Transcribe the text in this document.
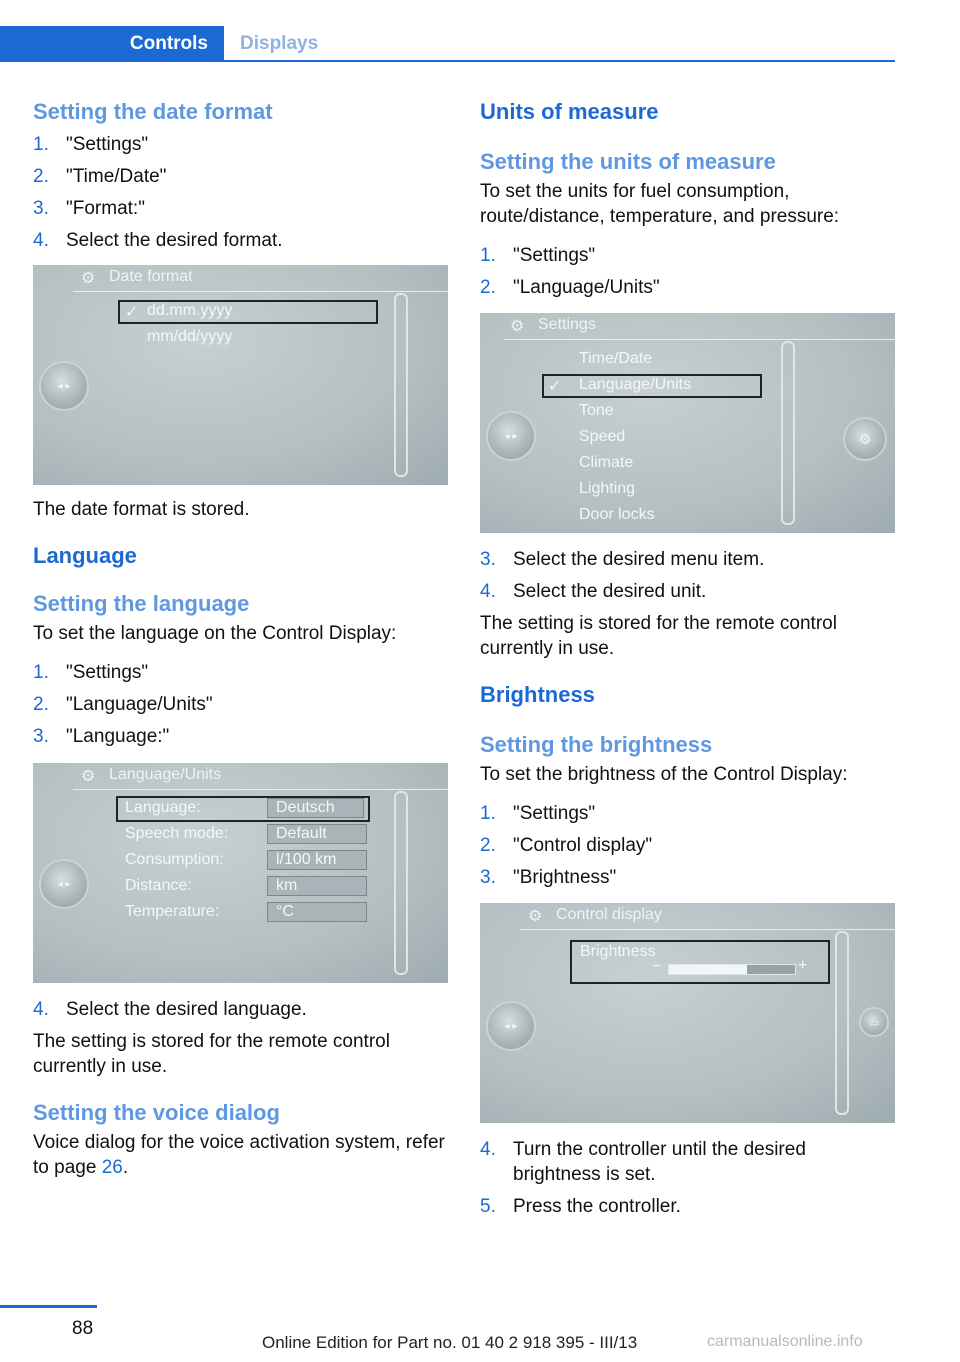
Controls	Displays
Setting the date format
1. "Settings"
2. "Time/Date"
3. "Format:"
4. Select the desired format.
⚙ Date format
◂ ▸
✓ dd.mm.yyyy
mm/dd/yyyy

The date format is stored.

Language
Setting the language

To set the language on the Control Display:

1. "Settings"
2. "Language/Units"
3. "Language:"
⚙ Language/Units
◂ ▸
Language:	Deutsch
Speech mode:	Default
Consumption:	l/100 km
Distance:	km
Temperature:	°C
4. Select the desired language.

The setting is stored for the remote control currently in use.

Setting the voice dialog

Voice dialog for the voice activation system, refer to page 26.

Units of measure
Setting the units of measure

To set the units for fuel consumption, route/distance, temperature, and pressure:

1. "Settings"
2. "Language/Units"
⚙ Settings
◂ ▸	⚙
✓
Time/Date
Language/Units
Tone
Speed
Climate
Lighting
Door locks
3. Select the desired menu item.
4. Select the desired unit.

The setting is stored for the remote control currently in use.

Brightness
Setting the brightness

To set the brightness of the Control Display:

1. "Settings"
2. "Control display"
3. "Brightness"
⚙ Control display
◂ ▸	▭
Brightness
−	+
4. Turn the controller until the desired brightness is set.
5. Press the controller.
88
Online Edition for Part no. 01 40 2 918 395 - III/13	carmanualsonline.info
